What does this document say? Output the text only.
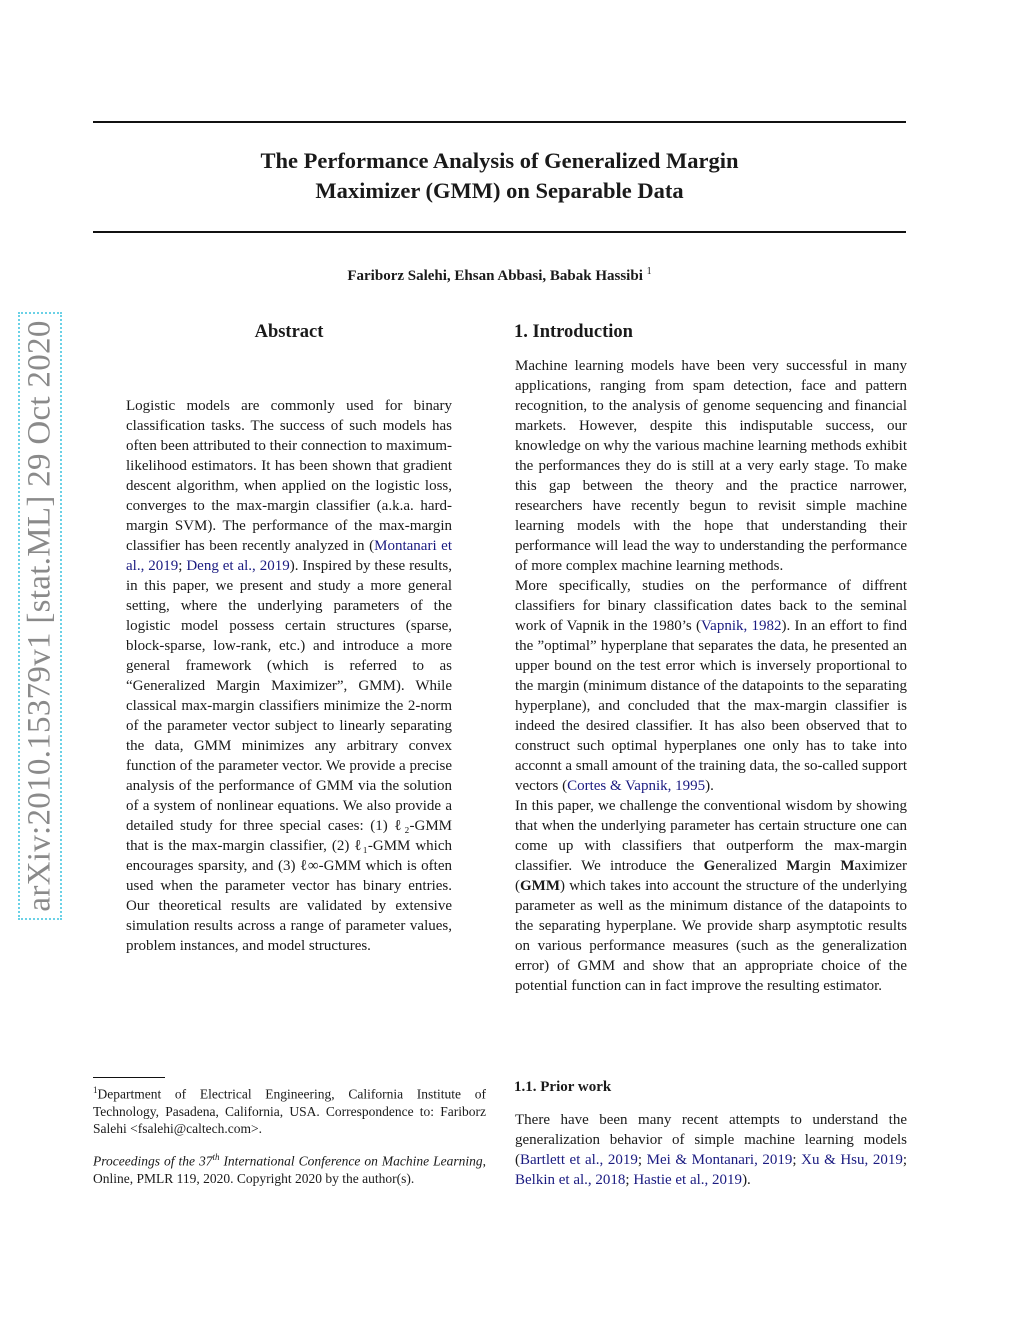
arXiv:2010.15379v1 [stat.ML] 29 Oct 2020
The Performance Analysis of Generalized Margin
Maximizer (GMM) on Separable Data
Fariborz Salehi, Ehsan Abbasi, Babak Hassibi $^1$
Abstract

Logistic models are commonly used for binary classification tasks. The success of such models has often been attributed to their connection to maximum-likelihood estimators. It has been shown that gradient descent algorithm, when applied on the logistic loss, converges to the max-margin classifier (a.k.a. hard-margin SVM). The performance of the max-margin classifier has been recently analyzed in (Montanari et al., 2019; Deng et al., 2019). Inspired by these results, in this paper, we present and study a more general setting, where the underlying parameters of the logistic model possess certain structures (sparse, block-sparse, low-rank, etc.) and introduce a more general framework (which is referred to as “Generalized Margin Maximizer”, GMM). While classical max-margin classifiers minimize the 2-norm of the parameter vector subject to linearly separating the data, GMM minimizes any arbitrary convex function of the parameter vector. We provide a precise analysis of the performance of GMM via the solution of a system of nonlinear equations. We also provide a detailed study for three special cases: (1) ℓ₂-GMM that is the max-margin classifier, (2) ℓ₁-GMM which encourages sparsity, and (3) ℓ∞-GMM which is often used when the parameter vector has binary entries. Our theoretical results are validated by extensive simulation results across a range of parameter values, problem instances, and model structures.

$^1$Department of Electrical Engineering, California Institute of Technology, Pasadena, California, USA. Correspondence to: Fariborz Salehi <fsalehi@caltech.com>.

Proceedings of the 37th International Conference on Machine Learning, Online, PMLR 119, 2020. Copyright 2020 by the author(s).

1. Introduction

Machine learning models have been very successful in many applications, ranging from spam detection, face and pattern recognition, to the analysis of genome sequencing and financial markets. However, despite this indisputable success, our knowledge on why the various machine learning methods exhibit the performances they do is still at a very early stage. To make this gap between the theory and the practice narrower, researchers have recently begun to revisit simple machine learning models with the hope that understanding their performance will lead the way to understanding the performance of more complex machine learning methods.

More specifically, studies on the performance of diffrent classifiers for binary classification dates back to the seminal work of Vapnik in the 1980’s (Vapnik, 1982). In an effort to find the ”optimal” hyperplane that separates the data, he presented an upper bound on the test error which is inversely proportional to the margin (minimum distance of the datapoints to the separating hyperplane), and concluded that the max-margin classifier is indeed the desired classifier. It has also been observed that to construct such optimal hyperplanes one only has to take into acconnt a small amount of the training data, the so-called support vectors (Cortes & Vapnik, 1995).

In this paper, we challenge the conventional wisdom by showing that when the underlying parameter has certain structure one can come up with classifiers that outperform the max-margin classifier. We introduce the Generalized Margin Maximizer (GMM) which takes into account the structure of the underlying parameter as well as the minimum distance of the datapoints to the separating hyperplane. We provide sharp asymptotic results on various performance measures (such as the generalization error) of GMM and show that an appropriate choice of the potential function can in fact improve the resulting estimator.

1.1. Prior work

There have been many recent attempts to understand the generalization behavior of simple machine learning models (Bartlett et al., 2019; Mei & Montanari, 2019; Xu & Hsu, 2019; Belkin et al., 2018; Hastie et al., 2019).
